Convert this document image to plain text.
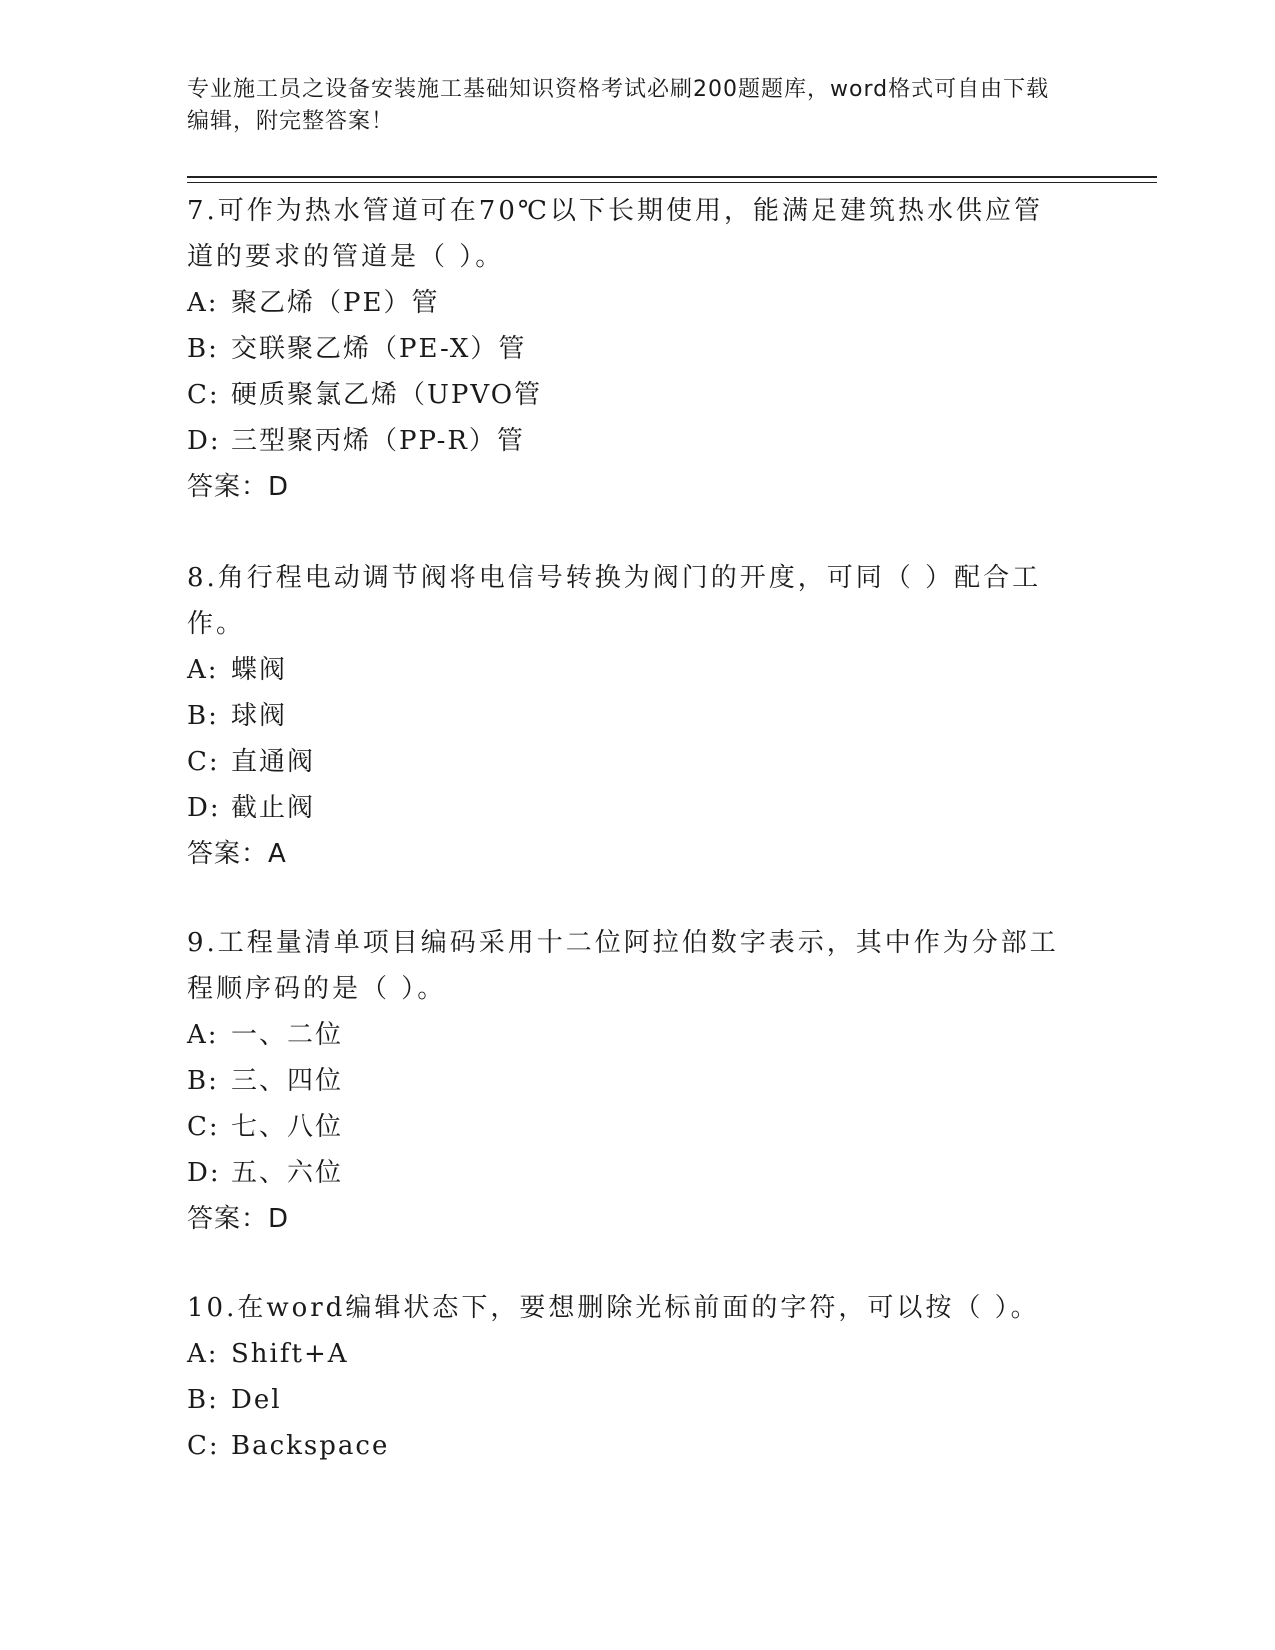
专业施工员之设备安装施工基础知识资格考试必刷200题题库，word格式可自由下载编辑，附完整答案！
7.可作为热水管道可在70℃以下长期使用，能满足建筑热水供应管道的要求的管道是（ ）。
A: 聚乙烯（PE）管
B: 交联聚乙烯（PE-X）管
C: 硬质聚氯乙烯（UPVO管
D: 三型聚丙烯（PP-R）管
答案：D
8.角行程电动调节阀将电信号转换为阀门的开度，可同（ ）配合工作。
A: 蝶阀
B: 球阀
C: 直通阀
D: 截止阀
答案：A
9.工程量清单项目编码采用十二位阿拉伯数字表示，其中作为分部工程顺序码的是（ ）。
A: 一、二位
B: 三、四位
C: 七、八位
D: 五、六位
答案：D
10.在word编辑状态下，要想删除光标前面的字符，可以按（ ）。
A: Shift+A
B: Del
C: Backspace
